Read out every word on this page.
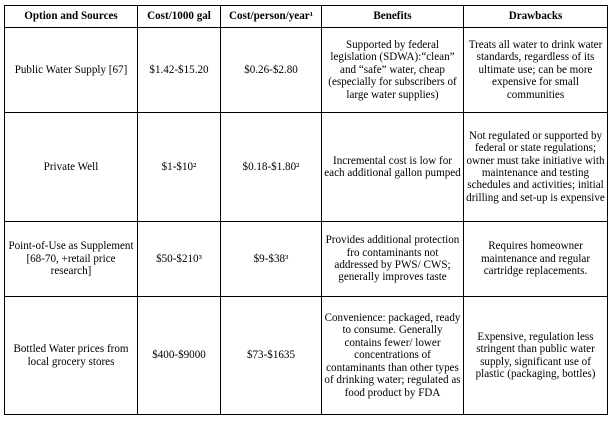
Option and Sources	Cost/1000 gal	Cost/person/year¹	Benefits	Drawbacks
Public Water Supply [67]	$1.42-$15.20	$0.26-$2.80	Supported by federal legislation (SDWA):“clean” and “safe” water, cheap (especially for subscribers of large water supplies)	Treats all water to drink water standards, regardless of its ultimate use; can be more expensive for small communities
Private Well	$1-$10²	$0.18-$1.80²	Incremental cost is low for each additional gallon pumped	Not regulated or supported by federal or state regulations; owner must take initiative with maintenance and testing schedules and activities; initial drilling and set-up is expensive
Point-of-Use as Supplement [68-70, +retail price research]	$50-$210³	$9-$38³	Provides additional protection fro contaminants not addressed by PWS/ CWS; generally improves taste	Requires homeowner maintenance and regular cartridge replacements.
Bottled Water prices from local grocery stores	$400-$9000	$73-$1635	Convenience: packaged, ready to consume. Generally contains fewer/ lower concentrations of contaminants than other types of drinking water; regulated as food product by FDA	Expensive, regulation less stringent than public water supply, significant use of plastic (packaging, bottles)
